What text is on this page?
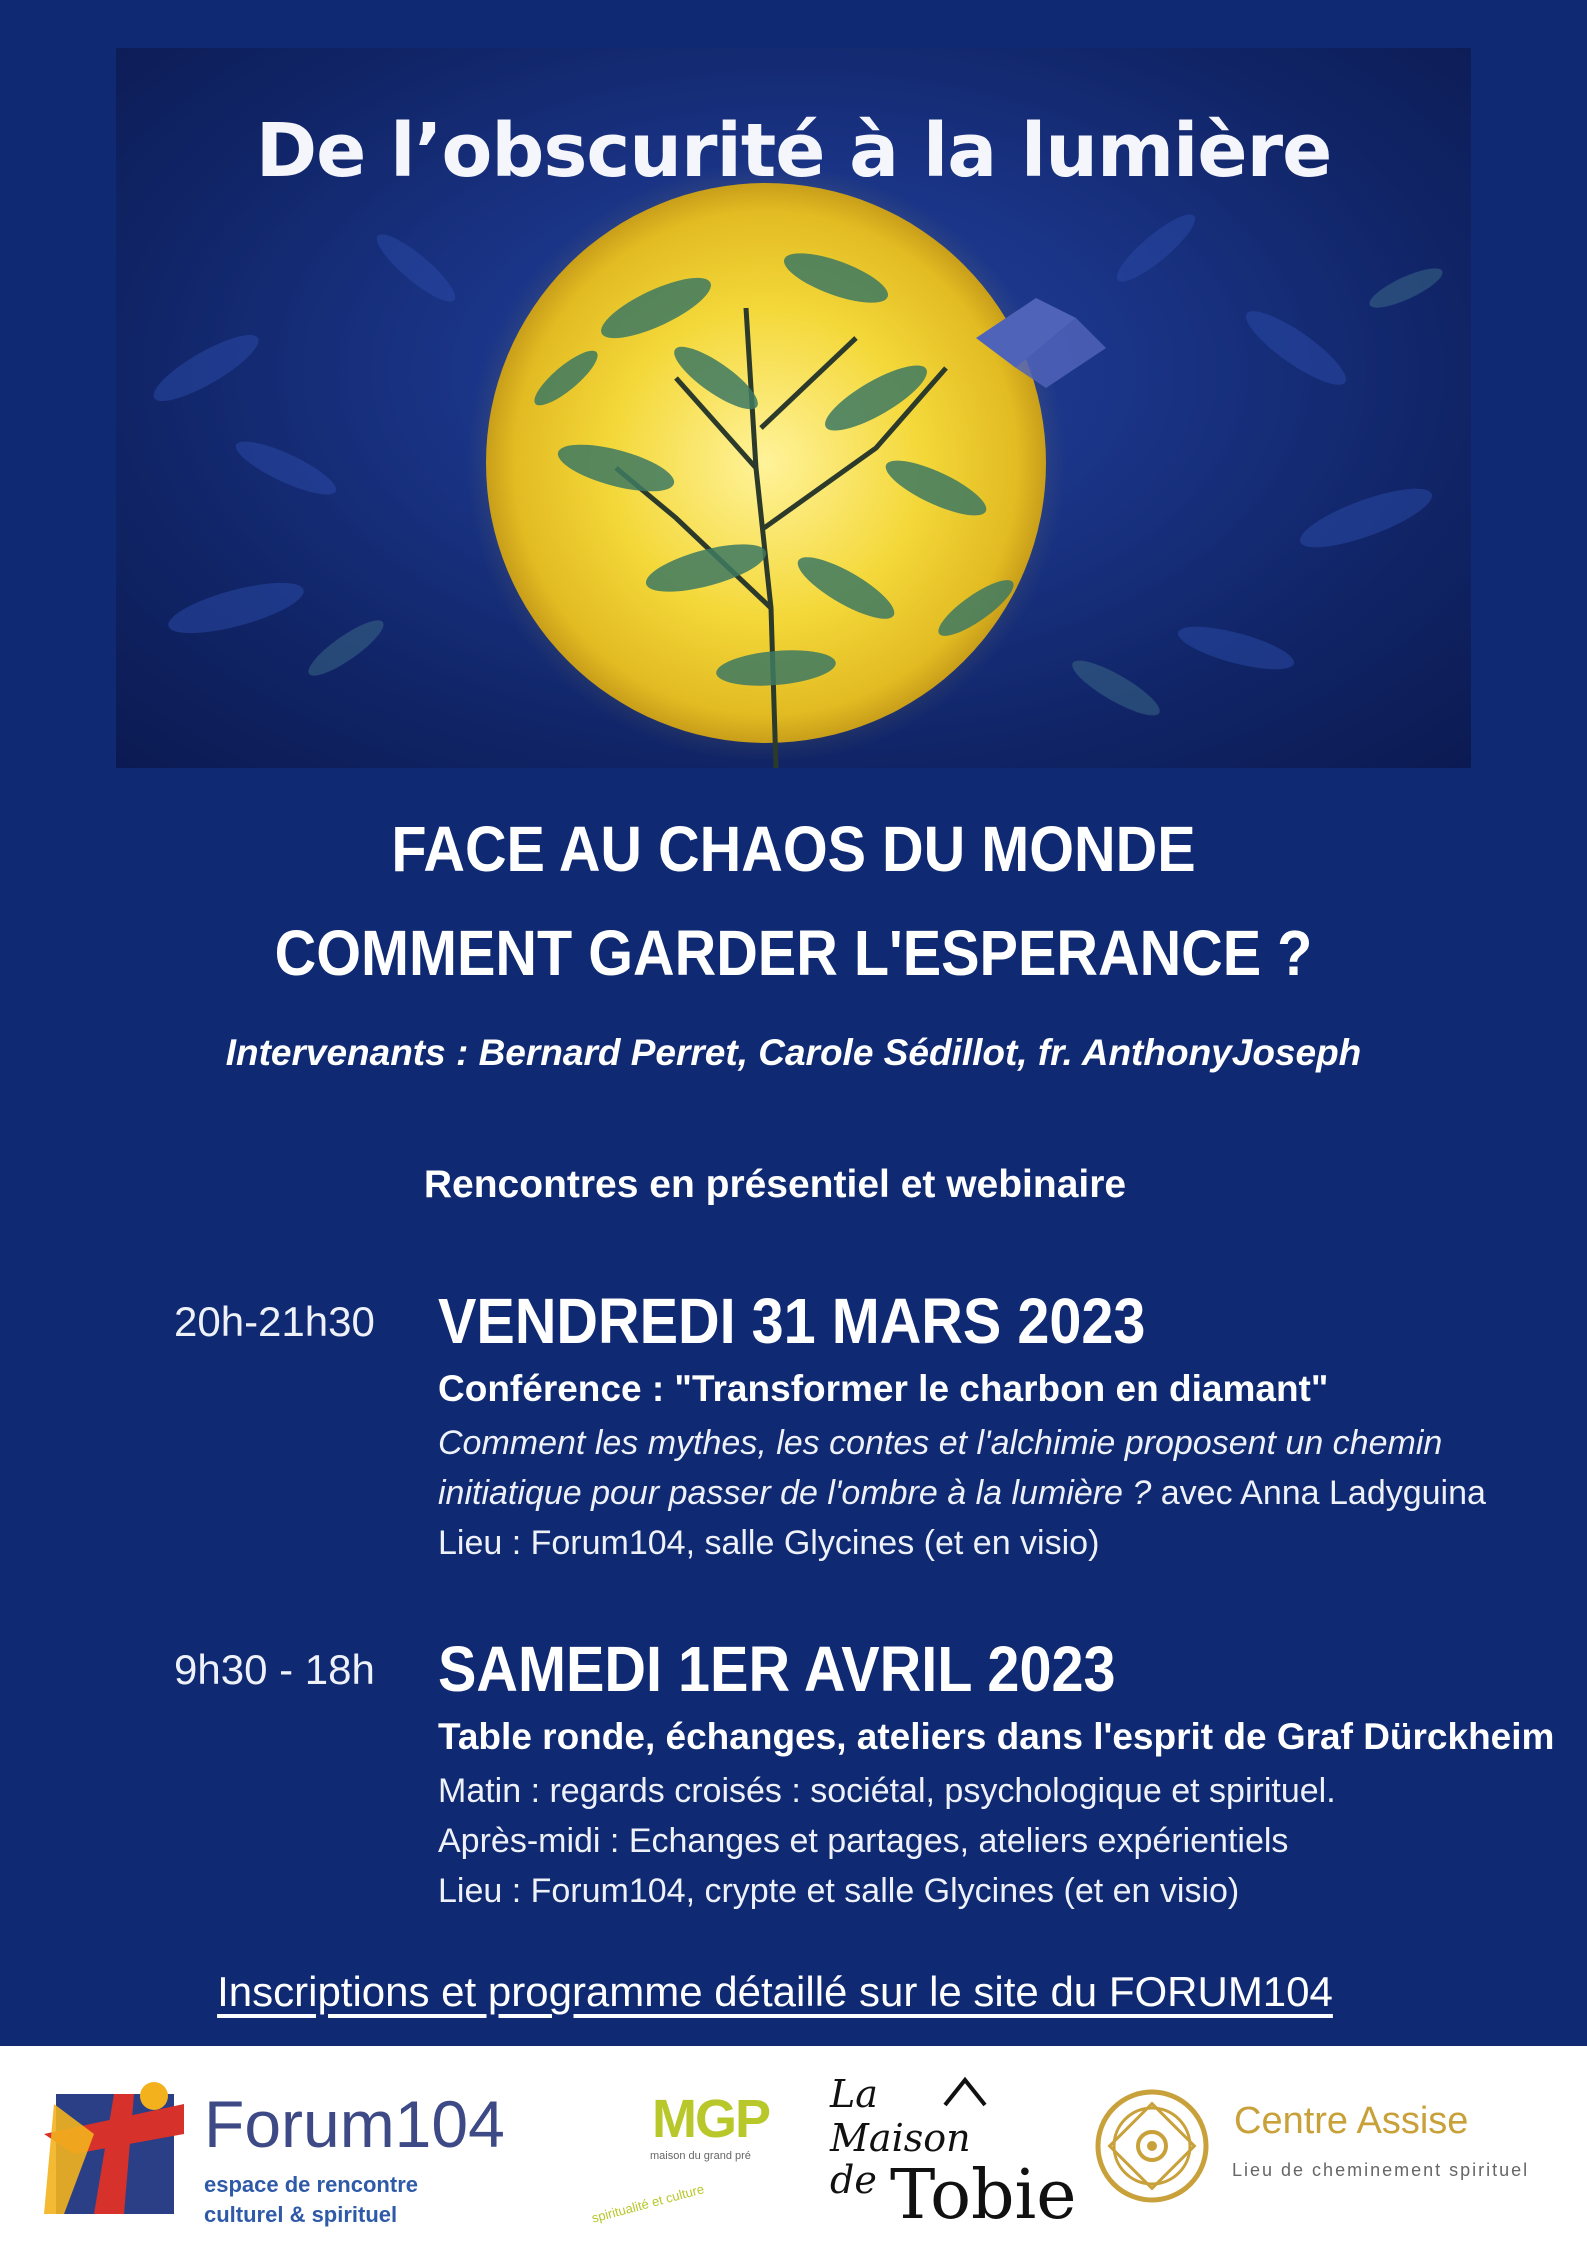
De l’obscurité à la lumière
FACE AU CHAOS DU MONDE
COMMENT GARDER L'ESPERANCE ?
Intervenants : Bernard Perret, Carole Sédillot, fr. AnthonyJoseph
Rencontres en présentiel et webinaire
20h-21h30 VENDREDI 31 MARS 2023
Conférence : "Transformer le charbon en diamant"
Comment les mythes, les contes et l'alchimie proposent un chemin
initiatique pour passer de l'ombre à la lumière ? avec Anna Ladyguina
Lieu : Forum104, salle Glycines (et en visio)
9h30 - 18h SAMEDI 1ER AVRIL 2023
Table ronde, échanges, ateliers dans l'esprit de Graf Dürckheim
Matin : regards croisés : sociétal, psychologique et spirituel.
Après-midi : Echanges et partages, ateliers expérientiels
Lieu : Forum104, crypte et salle Glycines (et en visio)
Inscriptions et programme détaillé sur le site du FORUM104
Forum104
espace de rencontre
culturel & spirituel
MGP
maison du grand pré
spiritualité et culture
La
Maison
de Tobie
Centre Assise
Lieu de cheminement spirituel
